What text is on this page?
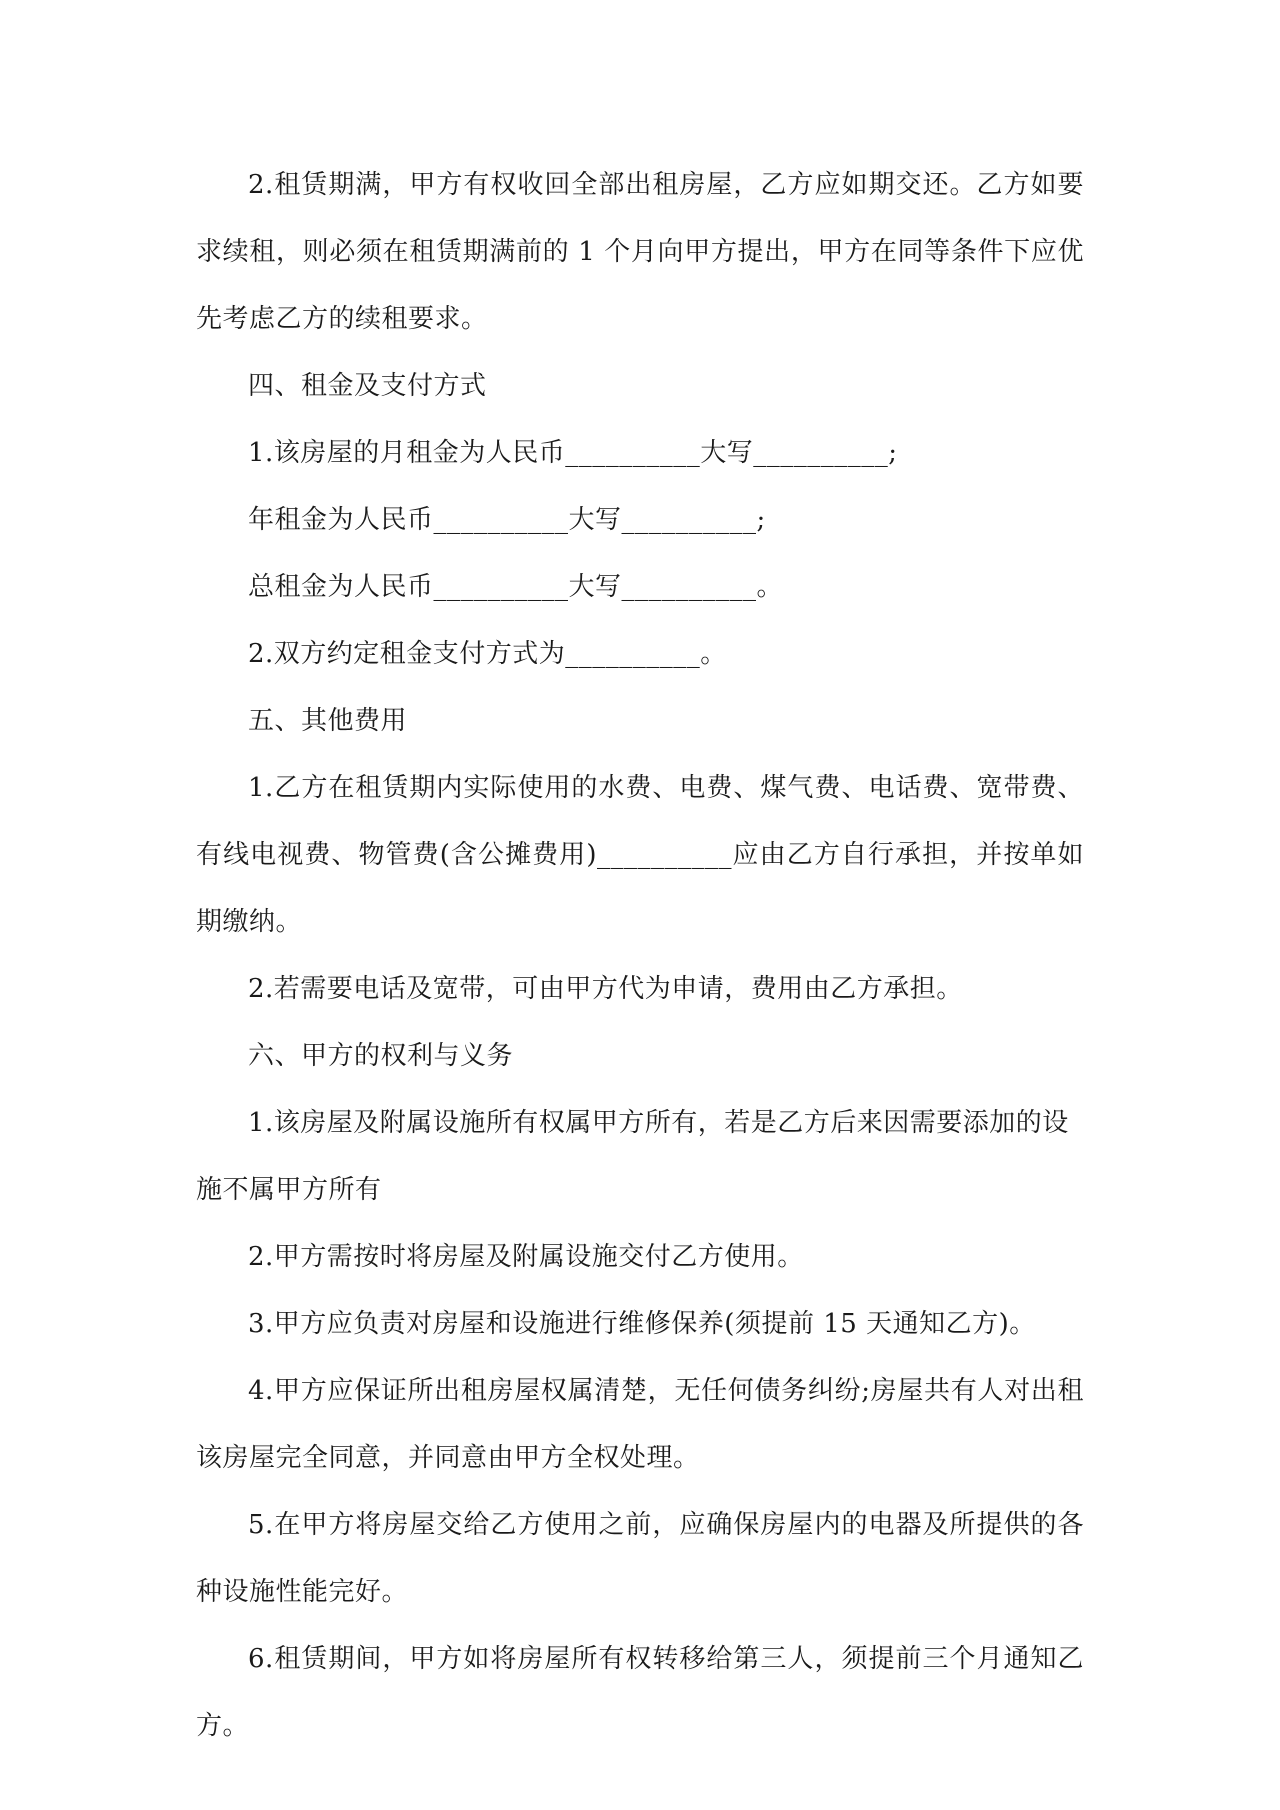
2.租赁期满，甲方有权收回全部出租房屋，乙方应如期交还。乙方如要求续租，则必须在租赁期满前的 1 个月向甲方提出，甲方在同等条件下应优先考虑乙方的续租要求。

四、租金及支付方式

1.该房屋的月租金为人民币__________大写__________;

年租金为人民币__________大写__________;

总租金为人民币__________大写__________。

2.双方约定租金支付方式为__________。

五、其他费用

1.乙方在租赁期内实际使用的水费、电费、煤气费、电话费、宽带费、有线电视费、物管费(含公摊费用)__________应由乙方自行承担，并按单如期缴纳。

2.若需要电话及宽带，可由甲方代为申请，费用由乙方承担。

六、甲方的权利与义务

1.该房屋及附属设施所有权属甲方所有，若是乙方后来因需要添加的设施不属甲方所有

2.甲方需按时将房屋及附属设施交付乙方使用。

3.甲方应负责对房屋和设施进行维修保养(须提前 15 天通知乙方)。

4.甲方应保证所出租房屋权属清楚，无任何债务纠纷;房屋共有人对出租该房屋完全同意，并同意由甲方全权处理。

5.在甲方将房屋交给乙方使用之前，应确保房屋内的电器及所提供的各种设施性能完好。

6.租赁期间，甲方如将房屋所有权转移给第三人，须提前三个月通知乙方。
